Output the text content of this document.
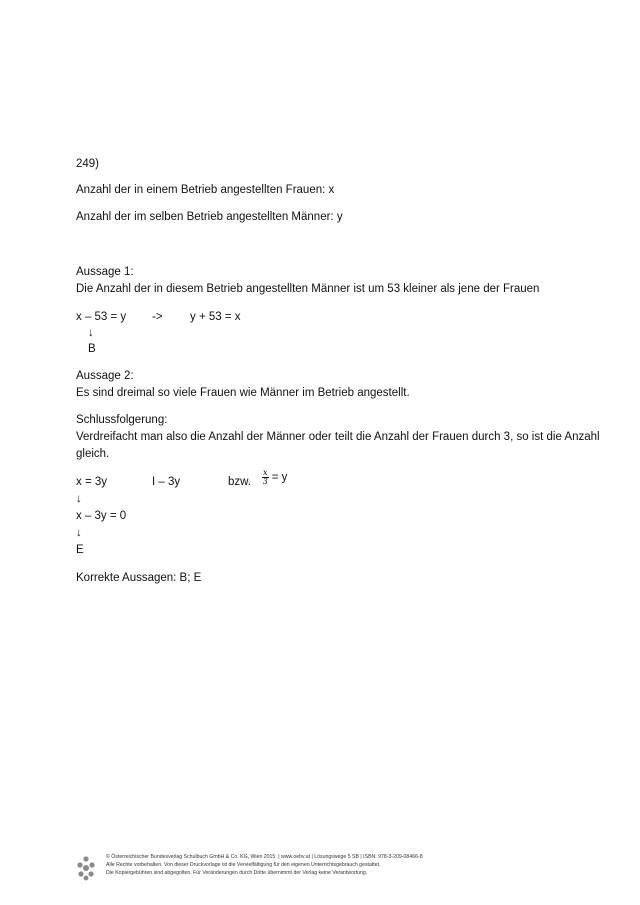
249)
Anzahl der in einem Betrieb angestellten Frauen: x
Anzahl der im selben Betrieb angestellten Männer: y
Aussage 1:
Die Anzahl der in diesem Betrieb angestellten Männer ist um 53 kleiner als jene der Frauen
x – 53 = y -> y + 53 = x
↓
B
Aussage 2:
Es sind dreimal so viele Frauen wie Männer im Betrieb angestellt.
Schlussfolgerung:
Verdreifacht man also die Anzahl der Männer oder teilt die Anzahl der Frauen durch 3, so ist die Anzahl
gleich.
x = 3y	I – 3y	bzw. $\frac{x}{3} = y$
↓
x – 3y = 0
↓
E
Korrekte Aussagen: B; E
© Österreichischer Bundesverlag Schulbuch GmbH & Co. KG, Wien 2015. | www.oebv.at | Lösungswege 5 SB | ISBN: 978-3-209-08466-8
Alle Rechte vorbehalten. Von dieser Druckvorlage ist die Vervielfältigung für den eigenen Unterrichtsgebrauch gestattet.
Die Kopiergebühren sind abgegolten. Für Veränderungen durch Dritte übernimmt der Verlag keine Verantwortung.
